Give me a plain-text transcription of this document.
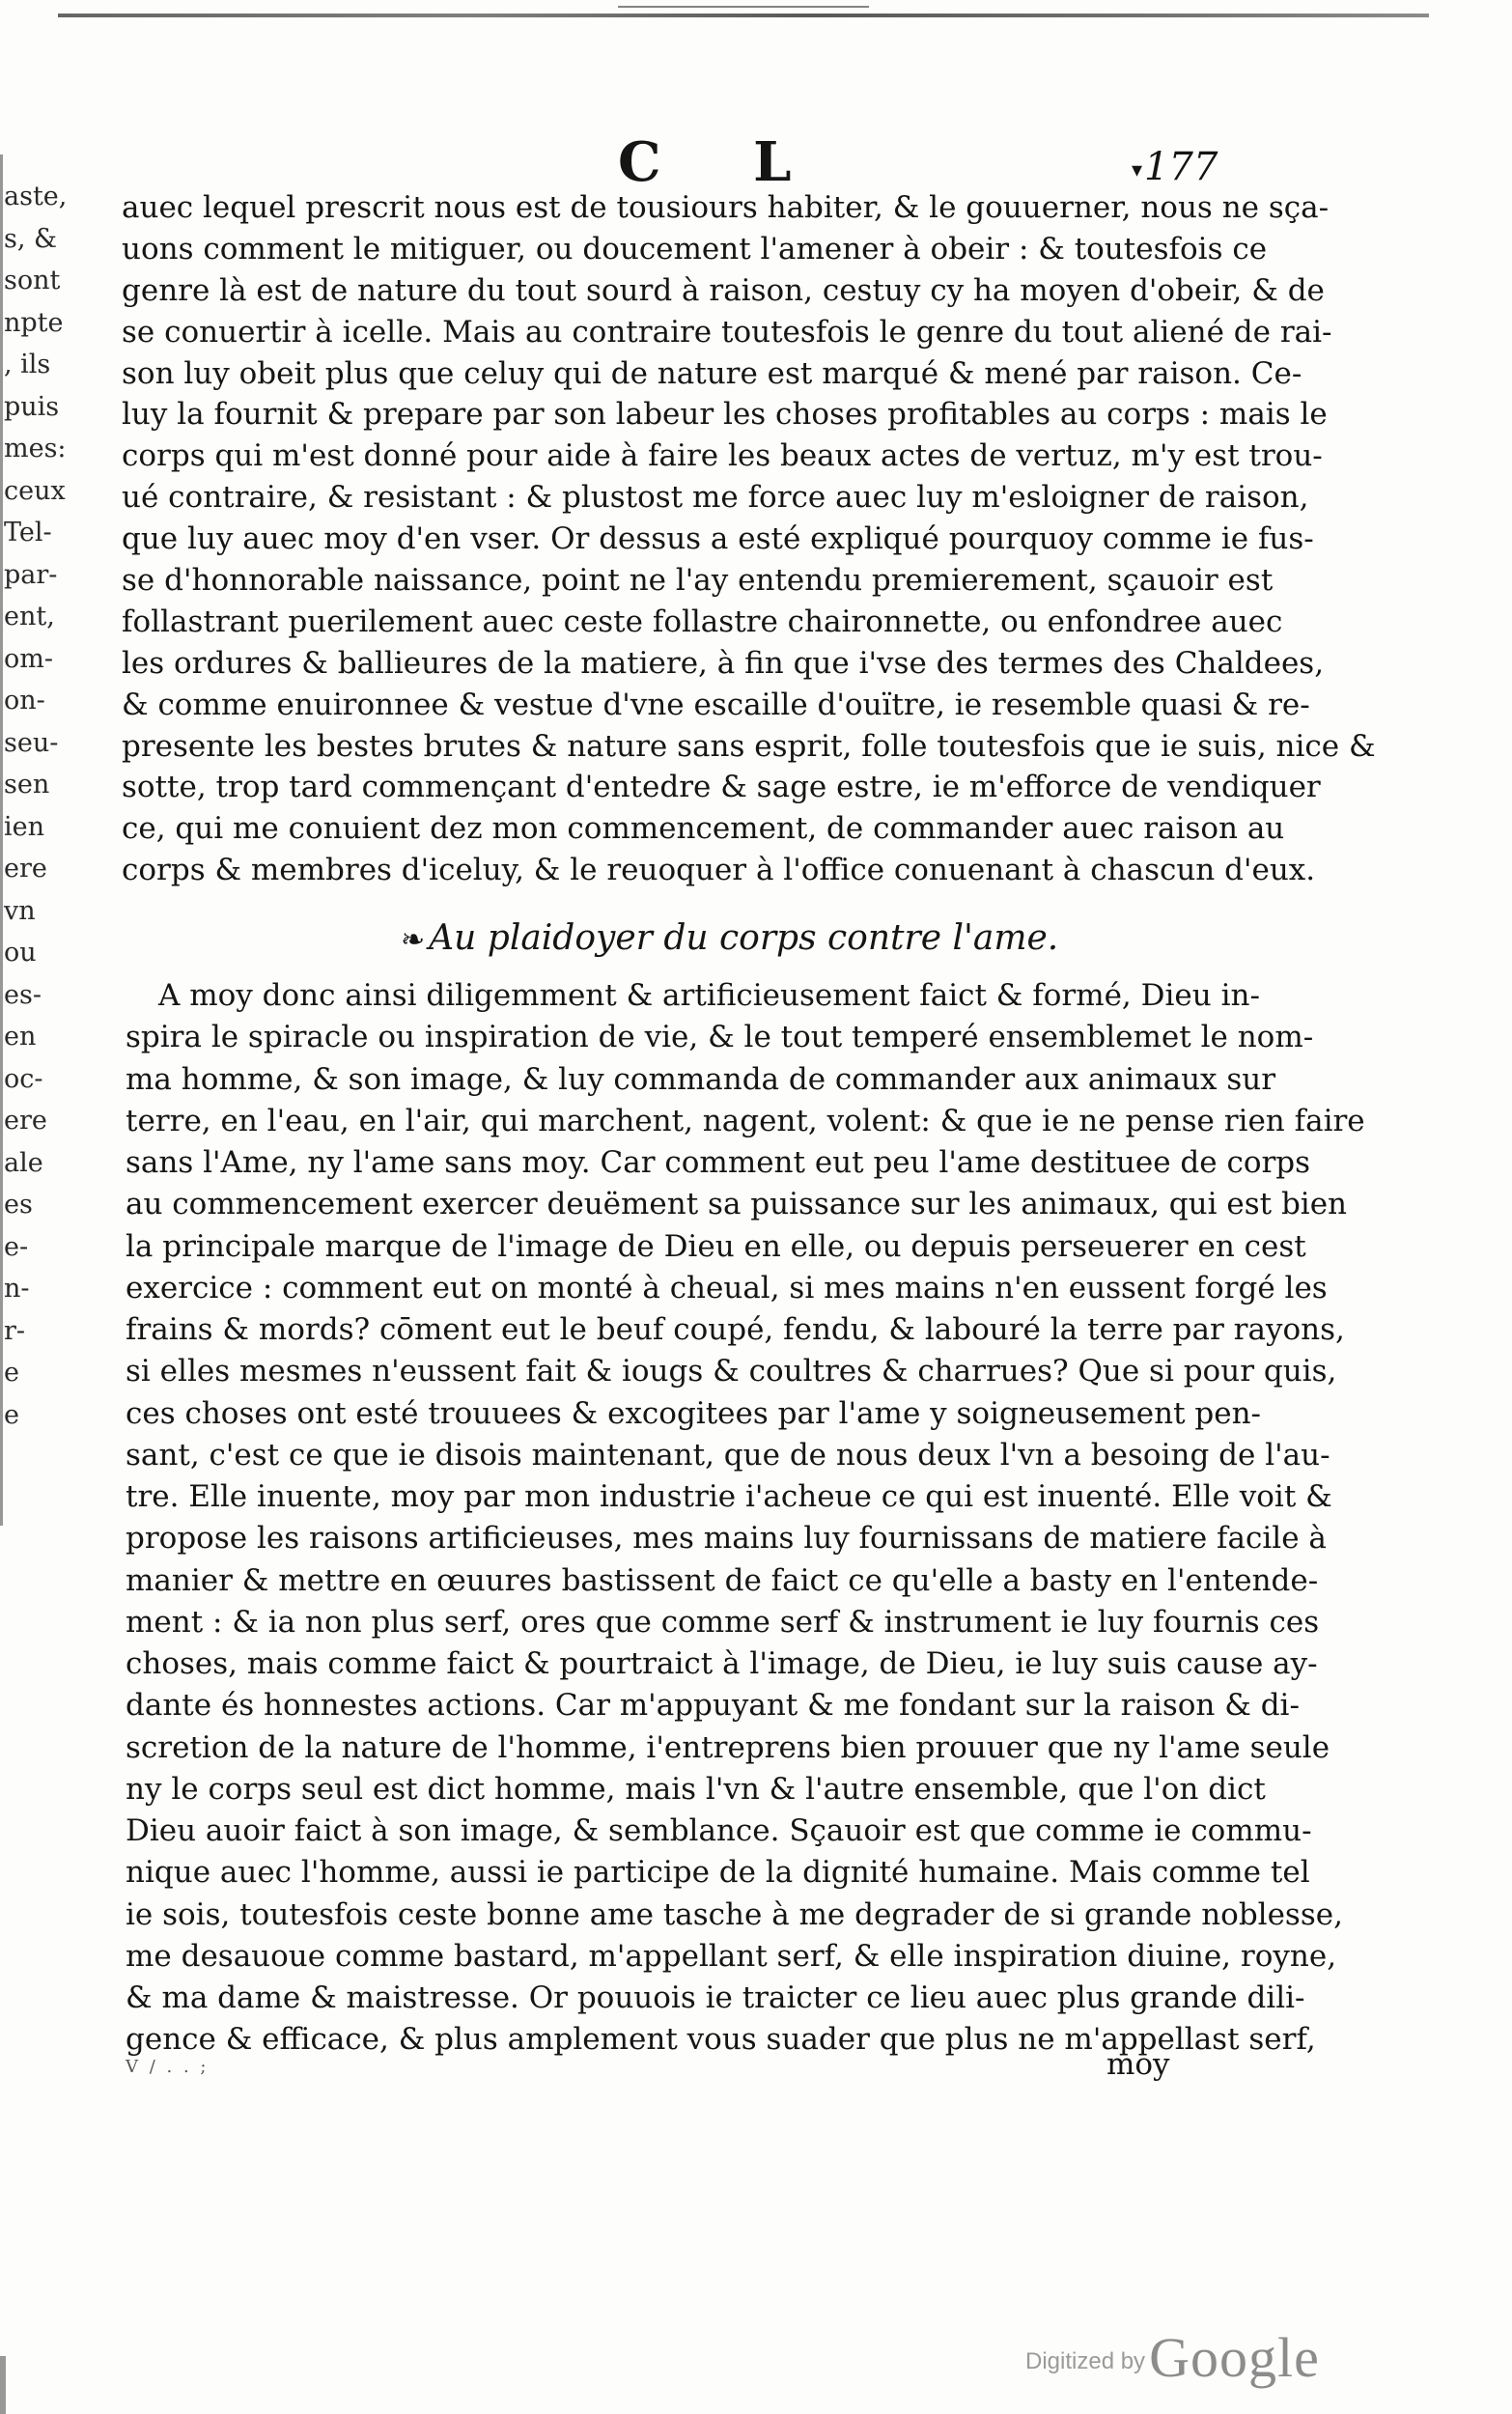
C L	▾177
aste,
s, &
sont
npte
, ils
puis
mes:
ceux
Tel-
par-
ent,
om-
on-
seu-
sen
ien
ere
vn
ou
es-
en
oc-
ere
ale
es
e-
n-
r-
e
e
auec lequel prescrit nous est de tousiours habiter, & le gouuerner, nous ne sça-
uons comment le mitiguer, ou doucement l'amener à obeir : & toutesfois ce
genre là est de nature du tout sourd à raison, cestuy cy ha moyen d'obeir, & de
se conuertir à icelle. Mais au contraire toutesfois le genre du tout aliené de rai-
son luy obeit plus que celuy qui de nature est marqué & mené par raison. Ce-
luy la fournit & prepare par son labeur les choses profitables au corps : mais le
corps qui m'est donné pour aide à faire les beaux actes de vertuz, m'y est trou-
ué contraire, & resistant : & plustost me force auec luy m'esloigner de raison,
que luy auec moy d'en vser. Or dessus a esté expliqué pourquoy comme ie fus-
se d'honnorable naissance, point ne l'ay entendu premierement, sçauoir est
follastrant puerilement auec ceste follastre chaironnette, ou enfondree auec
les ordures & ballieures de la matiere, à fin que i'vse des termes des Chaldees,
& comme enuironnee & vestue d'vne escaille d'ouïtre, ie resemble quasi & re-
presente les bestes brutes & nature sans esprit, folle toutesfois que ie suis, nice &
sotte, trop tard commençant d'entedre & sage estre, ie m'efforce de vendiquer
ce, qui me conuient dez mon commencement, de commander auec raison au
corps & membres d'iceluy, & le reuoquer à l'office conuenant à chascun d'eux.
❧ Au plaidoyer du corps contre l'ame.
A moy donc ainsi diligemment & artificieusement faict & formé, Dieu in-
spira le spiracle ou inspiration de vie, & le tout temperé ensemblemet le nom-
ma homme, & son image, & luy commanda de commander aux animaux sur
terre, en l'eau, en l'air, qui marchent, nagent, volent: & que ie ne pense rien faire
sans l'Ame, ny l'ame sans moy. Car comment eut peu l'ame destituee de corps
au commencement exercer deuëment sa puissance sur les animaux, qui est bien
la principale marque de l'image de Dieu en elle, ou depuis perseuerer en cest
exercice : comment eut on monté à cheual, si mes mains n'en eussent forgé les
frains & mords? cōment eut le beuf coupé, fendu, & labouré la terre par rayons,
si elles mesmes n'eussent fait & iougs & coultres & charrues? Que si pour quis,
ces choses ont esté trouuees & excogitees par l'ame y soigneusement pen-
sant, c'est ce que ie disois maintenant, que de nous deux l'vn a besoing de l'au-
tre. Elle inuente, moy par mon industrie i'acheue ce qui est inuenté. Elle voit &
propose les raisons artificieuses, mes mains luy fournissans de matiere facile à
manier & mettre en œuures bastissent de faict ce qu'elle a basty en l'entende-
ment : & ia non plus serf, ores que comme serf & instrument ie luy fournis ces
choses, mais comme faict & pourtraict à l'image, de Dieu, ie luy suis cause ay-
dante és honnestes actions. Car m'appuyant & me fondant sur la raison & di-
scretion de la nature de l'homme, i'entreprens bien prouuer que ny l'ame seule
ny le corps seul est dict homme, mais l'vn & l'autre ensemble, que l'on dict
Dieu auoir faict à son image, & semblance. Sçauoir est que comme ie commu-
nique auec l'homme, aussi ie participe de la dignité humaine. Mais comme tel
ie sois, toutesfois ceste bonne ame tasche à me degrader de si grande noblesse,
me desauoue comme bastard, m'appellant serf, & elle inspiration diuine, royne,
& ma dame & maistresse. Or pouuois ie traicter ce lieu auec plus grande dili-
gence & efficace, & plus amplement vous suader que plus ne m'appellast serf,
V / . . ;	moy
Digitized byGoogle
